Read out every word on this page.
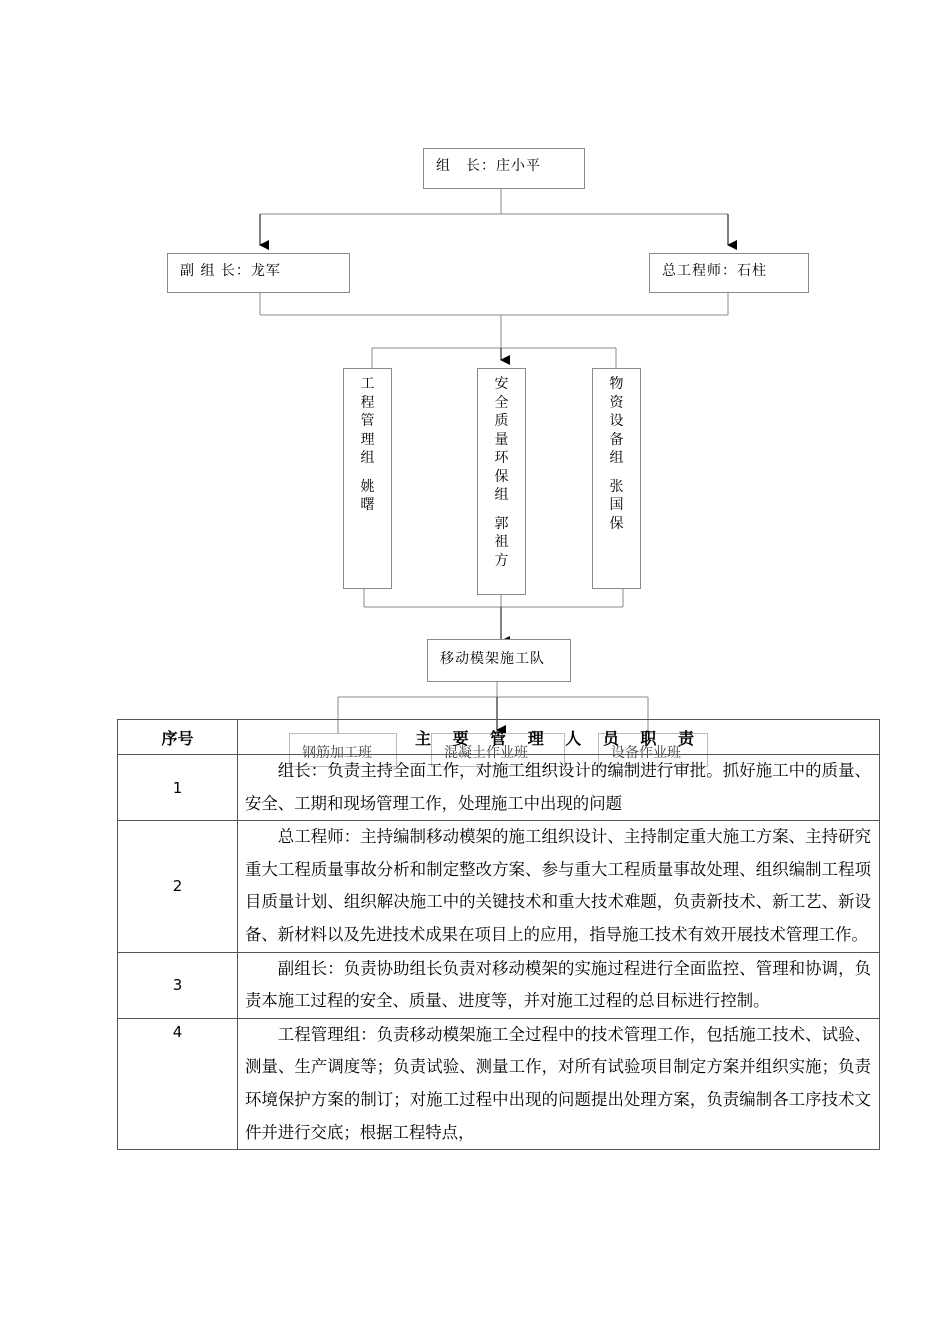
组　长：庄小平
副 组 长：龙军	总工程师：石柱
工程管理组
姚曙
安全质量环保组
郭祖方
物资设备组
张国保
移动模架施工队
钢筋加工班	混凝土作业班	设备作业班
序号	主 要 管 理 人 员 职 责
1	组长：负责主持全面工作，对施工组织设计的编制进行审批。抓好施工中的质量、安全、工期和现场管理工作，处理施工中出现的问题
2	总工程师：主持编制移动模架的施工组织设计、主持制定重大施工方案、主持研究重大工程质量事故分析和制定整改方案、参与重大工程质量事故处理、组织编制工程项目质量计划、组织解决施工中的关键技术和重大技术难题，负责新技术、新工艺、新设备、新材料以及先进技术成果在项目上的应用，指导施工技术有效开展技术管理工作。
3	副组长：负责协助组长负责对移动模架的实施过程进行全面监控、管理和协调，负责本施工过程的安全、质量、进度等，并对施工过程的总目标进行控制。
4	工程管理组：负责移动模架施工全过程中的技术管理工作，包括施工技术、试验、测量、生产调度等；负责试验、测量工作，对所有试验项目制定方案并组织实施；负责环境保护方案的制订；对施工过程中出现的问题提出处理方案，负责编制各工序技术文件并进行交底；根据工程特点，
